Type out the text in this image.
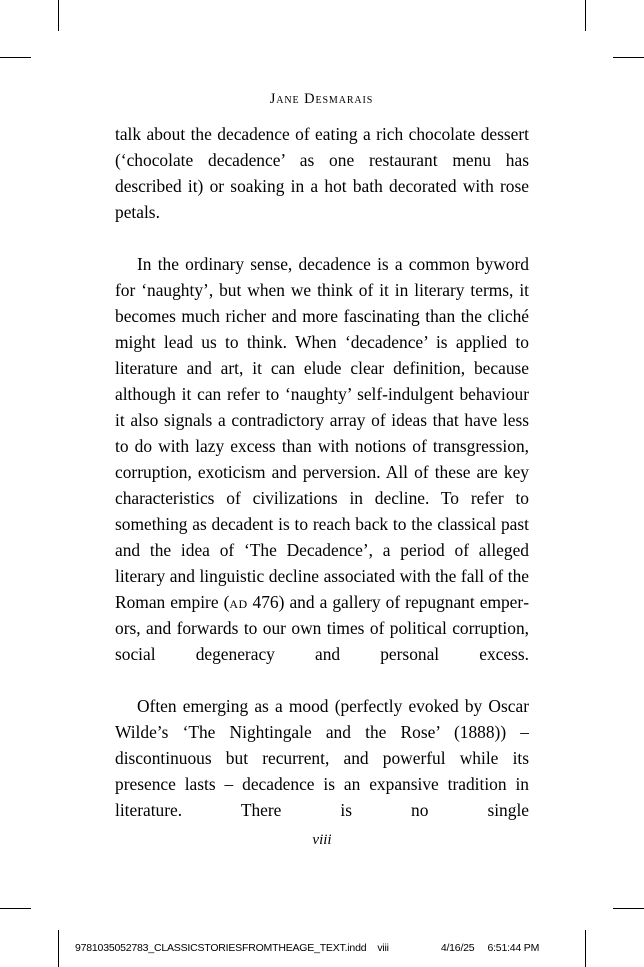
Jane Desmarais

talk about the decadence of eating a rich chocolate dessert (‘chocolate decadence’ as one restaurant menu has described it) or soaking in a hot bath decorated with rose petals.

In the ordinary sense, decadence is a common byword for ‘naughty’, but when we think of it in literary terms, it becomes much richer and more fascinating than the cliché might lead us to think. When ‘decadence’ is applied to literature and art, it can elude clear definition, because although it can refer to ‘naughty’ self-indulgent behaviour it also signals a contradictory array of ideas that have less to do with lazy excess than with notions of transgression, corruption, exoticism and perversion. All of these are key characteristics of civilizations in decline. To refer to something as decadent is to reach back to the classical past and the idea of ‘The Decadence’, a period of alleged literary and linguistic decline associated with the fall of the Roman empire (ad 476) and a gallery of repugnant emperors, and forwards to our own times of political corruption, social degeneracy and personal excess.

Often emerging as a mood (perfectly evoked by Oscar Wilde’s ‘The Nightingale and the Rose’ (1888)) – discontinuous but recurrent, and powerful while its presence lasts – decadence is an expansive tradition in literature. There is no single

viii
9781035052783_CLASSICSTORIESFROMTHEAGE_TEXT.indd viii	4/16/25 6:51:44 PM
